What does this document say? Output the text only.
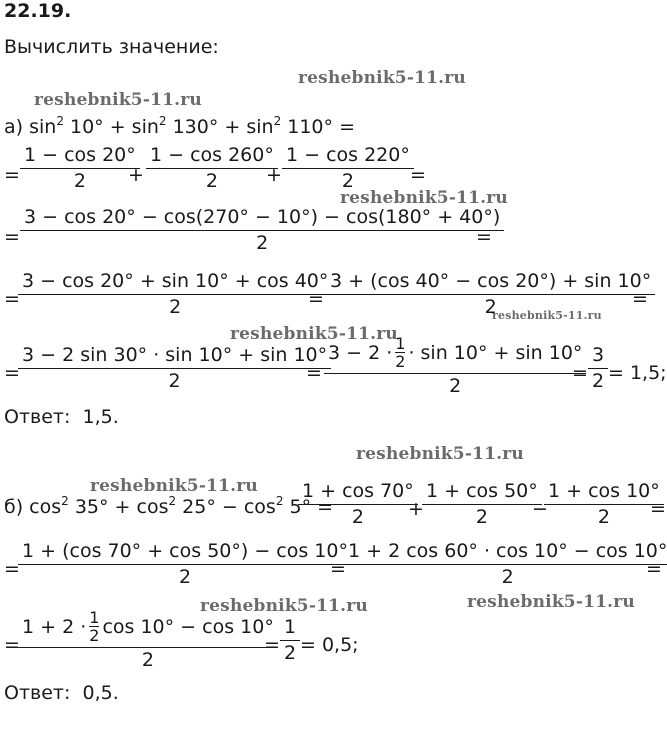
22.19.
Вычислить значение:
reshebnik5-11.ru
reshebnik5-11.ru
reshebnik5-11.ru
reshebnik5-11.ru
reshebnik5-11.ru
reshebnik5-11.ru
reshebnik5-11.ru
reshebnik5-11.ru	reshebnik5-11.ru
а) $\sin^2 10^\circ + \sin^2 130^\circ + \sin^2 110^\circ$ =
= $\frac{1 - \cos 20^\circ}{2}$
+ $\frac{1 - \cos 260^\circ}{2}$
+ $\frac{1 - \cos 220^\circ}{2}$
=
= $\frac{3 - \cos 20^\circ - \cos(270^\circ - 10^\circ) - \cos(180^\circ + 40^\circ)}{2}$
=
= $\frac{3 - \cos 20^\circ + \sin 10^\circ + \cos 40^\circ}{2}$
= $\frac{3 + (\cos 40^\circ - \cos 20^\circ) + \sin 10^\circ}{2}$
=
= $\frac{3 - 2 \sin 30^\circ \cdot \sin 10^\circ + \sin 10^\circ}{2}$
= 3 − 2 · 1
2 · sin 10° + sin 10°
2
= $\frac{3}{2} = 1,5$;
Ответ: 1,5.
б) $\cos^2 35^\circ + \cos^2 25^\circ - \cos^2 5^\circ$ =
$\frac{1 + \cos 70^\circ}{2}$
+ $\frac{1 + \cos 50^\circ}{2}$
−
$\frac{1 + \cos 10^\circ}{2}$
=
= $\frac{1 + (\cos 70^\circ + \cos 50^\circ) - \cos 10^\circ}{2}$
= $\frac{1 + 2 \cos 60^\circ \cdot \cos 10^\circ - \cos 10^\circ}{2}$
=
= 1 + 2 · 1
2 cos 10° − cos 10°
2
= $\frac{1}{2} = 0,5$;
Ответ: 0,5.
